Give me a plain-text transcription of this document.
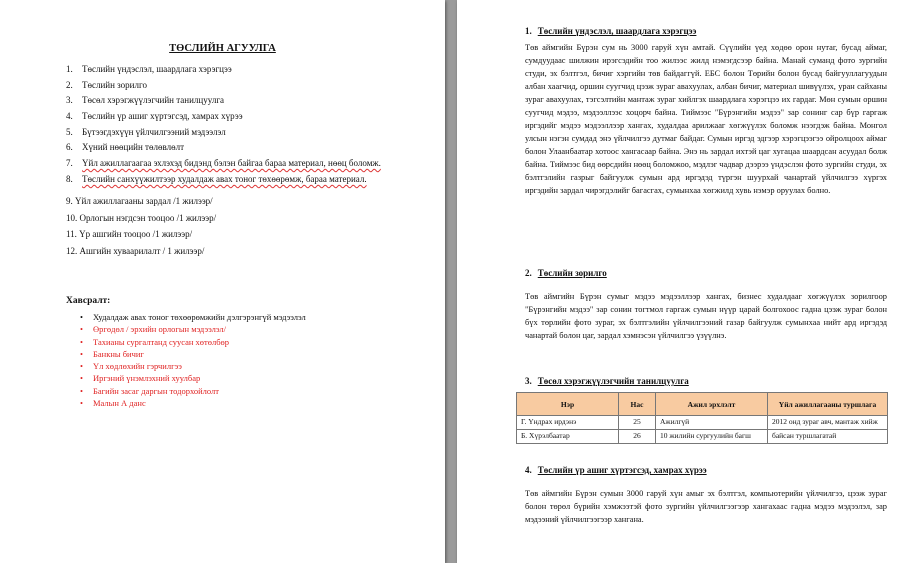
ТӨСЛИЙН АГУУЛГА
1. Төслийн үндэслэл, шаардлага хэрэгцээ
2. Төслийн зорилго
3. Төсөл хэрэгжүүлэгчийн танилцуулга
4. Төслийн үр ашиг хүртэгсэд, хамрах хүрээ
5. Бүтээгдэхүүн үйлчилгээний мэдээлэл
6. Хүний нөөцийн төлөвлөлт
7. Үйл ажиллагаагаа эхлэхэд бидэнд бэлэн байгаа бараа материал, нөөц боломж.
8. Төслийн санхүүжилтээр худалдаж авах тоног төхөөрөмж, бараа материал.
9. Үйл ажиллагааны зардал /1 жилээр/
10. Орлогын нэгдсэн тооцоо /1 жилээр/
11. Үр ашгийн тооцоо /1 жилээр/
12. Ашгийн хуваарилалт / 1 жилээр/
Хавсралт:
• Худалдаж авах тоног төхөөрөмжийн дэлгэрэнгүй мэдээлэл
• Өргөдөл / эрхийн орлогын мэдээлэл/
• Тахианы сургалтанд суусан хөтөлбөр
• Банкны бичиг
• Үл хөдлөхийн гэрчилгээ
• Иргэний үнэмлэхний хуулбар
• Багийн засаг даргын тодорхойлолт
• Малын А данс
1. Төслийн үндэслэл, шаардлага хэрэгцээ

Төв аймгийн Бүрэн сум нь 3000 гаруй хүн амтай. Сүүлийн үед хөдөө орон нутаг, бусад аймаг, сумдуудаас шилжин ирэгсэдийн тоо жилээс жилд нэмэгдсээр байна. Манай суманд фото зургийн студи, эх бэлтгэл, бичиг хэргийн төв байдаггүй. ЕБС болон Төрийн болон бусад байгууллагуудын албан хаагчид, оршин суугчид цээж зураг авахуулах, албан бичиг, материал шивүүлэх, уран сайханы зураг авахуулах, тэгсэлтийн мантаж зураг хийлгэх шаардлага хэрэгцээ их гардаг. Мөн сумын оршин суугчид мэдээ, мэдээллээс хоцорч байна. Тиймээс "Бүрэнгийн мэдээ" зар сонинг сар бүр гаргаж иргэдийг мэдээ мэдээллээр хангах, худалдаа арилжааг хөгжүүлэх боломж нээгдэж байна. Монгол улсын нэгэн сумдад энэ үйлчилгээ дутмаг байдаг. Сумын иргэд эдгээр хэрэгцээгээ ойролцоох аймаг болон Улаанбаатар хотоос хангасаар байна. Энэ нь зардал ихтэй цаг хугацаа шаардсан асуудал болж байна. Тиймээс бид өөрсдийн нөөц боломжоо, мэдлэг чадвар дээрээ үндэслэн фото зургийн студи, эх бэлтгэлийн газрыг байгуулж сумын ард иргэдэд түргэн шуурхай чанартай үйлчилгээ хүргэх иргэдийн зардал чирэгдэлийг багасгах, сумынхаа хөгжилд хувь нэмэр оруулах болно.

2. Төслийн зорилго

Төв аймгийн Бүрэн сумыг мэдээ мэдээллээр хангах, бизнес худалдааг хөгжүүлэх зорилгоор "Бүрэнгийн мэдээ" зар сонин тогтмол гаргаж сумын нүүр царай болгохоос гадна цээж зураг болон бүх төрлийн фото зураг, эх бэлтгэлийн үйлчилгээний газар байгуулж сумынхаа нийт ард иргэдэд чанартай болон цаг, зардал хэмнэсэн үйлчилгээ үзүүлнэ.

3. Төсөл хэрэгжүүлэгчийн танилцуулга
Нэр	Нас	Ажил эрхлэлт	Үйл ажиллагааны туршлага
Г. Үндрах ирдэнэ	25	Ажилгүй	2012 онд зураг авч, мантаж хийж
Б. Хүрэлбаатар	26	10 жилийн сургуулийн багш	байсан туршлагатай
4. Төслийн үр ашиг хүртэгсэд, хамрах хүрээ

Төв аймгийн Бүрэн сумын 3000 гаруй хүн амыг эх бэлтгэл, компьютерийн үйлчилгээ, цээж зураг болон төрөл бүрийн хэмжээтэй фото зургийн үйлчилгээгээр хангахаас гадна мэдээ мэдээлэл, зар мэдээний үйлчилгээгээр хангана.
